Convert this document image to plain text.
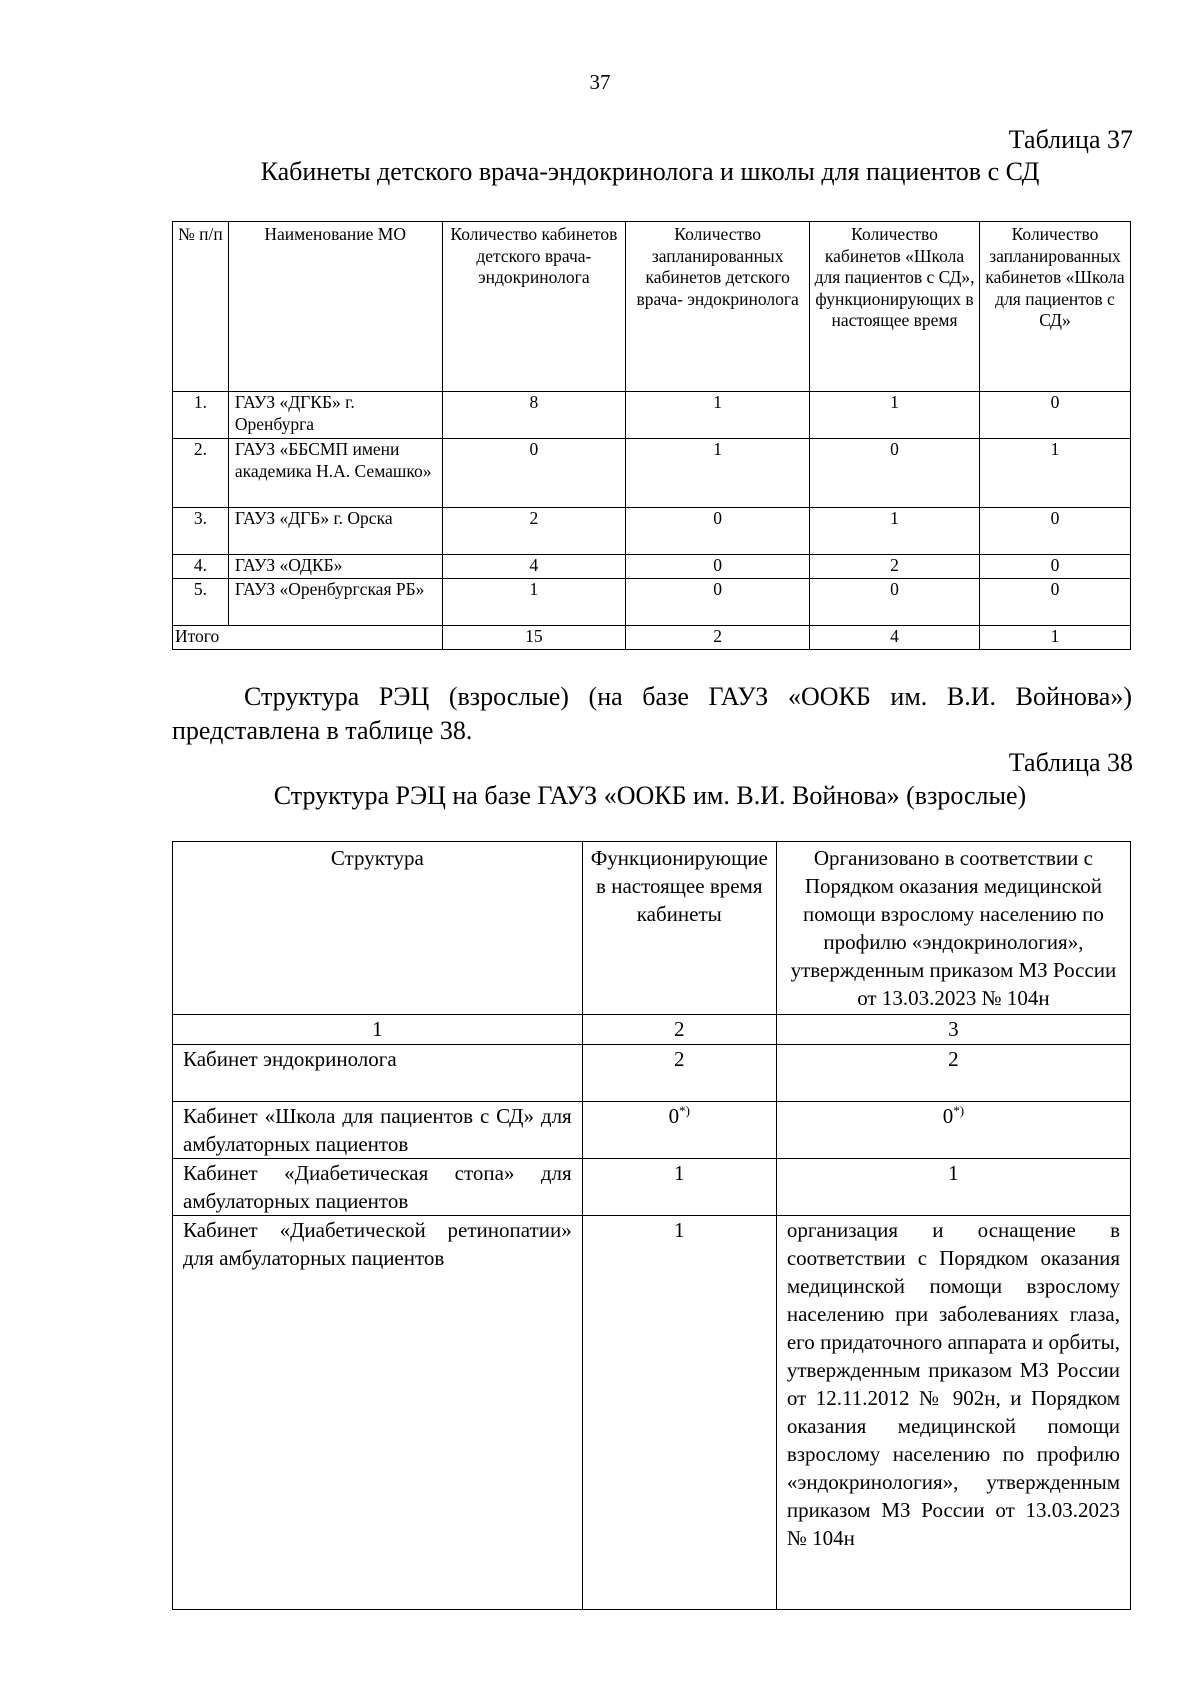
37
Таблица 37
Кабинеты детского врача-эндокринолога и школы для пациентов с СД
№ п/п	Наименование МО	Количество кабинетов детского врача-эндокринолога	Количество запланированных кабинетов детского врача- эндокринолога	Количество кабинетов «Школа для пациентов с СД», функционирующих в настоящее время	Количество запланированных кабинетов «Школа для пациентов с СД»
1.	ГАУЗ «ДГКБ» г. Оренбурга	8	1	1	0
2.	ГАУЗ «ББСМП имени академика Н.А. Семашко»	0	1	0	1
3.	ГАУЗ «ДГБ» г. Орска	2	0	1	0
4.	ГАУЗ «ОДКБ»	4	0	2	0
5.	ГАУЗ «Оренбургская РБ»	1	0	0	0
Итого		15	2	4	1
Структура РЭЦ (взрослые) (на базе ГАУЗ «ООКБ им. В.И. Войнова») представлена в таблице 38.
Таблица 38
Структура РЭЦ на базе ГАУЗ «ООКБ им. В.И. Войнова» (взрослые)
Структура	Функционирующие в настоящее время кабинеты	Организовано в соответствии с Порядком оказания медицинской помощи взрослому населению по профилю «эндокринология», утвержденным приказом МЗ России от 13.03.2023 № 104н
1	2	3
Кабинет эндокринолога	2	2
Кабинет «Школа для пациентов с СД» для амбулаторных пациентов	0*)	0*)
Кабинет «Диабетическая стопа» для амбулаторных пациентов	1	1
Кабинет «Диабетической ретинопатии» для амбулаторных пациентов	1	организация и оснащение в соответствии с Порядком оказания медицинской помощи взрослому населению при заболеваниях глаза, его придаточного аппарата и орбиты, утвержденным приказом МЗ России от 12.11.2012 № 902н, и Порядком оказания медицинской помощи взрослому населению по профилю «эндокринология», утвержденным приказом МЗ России от 13.03.2023 № 104н
